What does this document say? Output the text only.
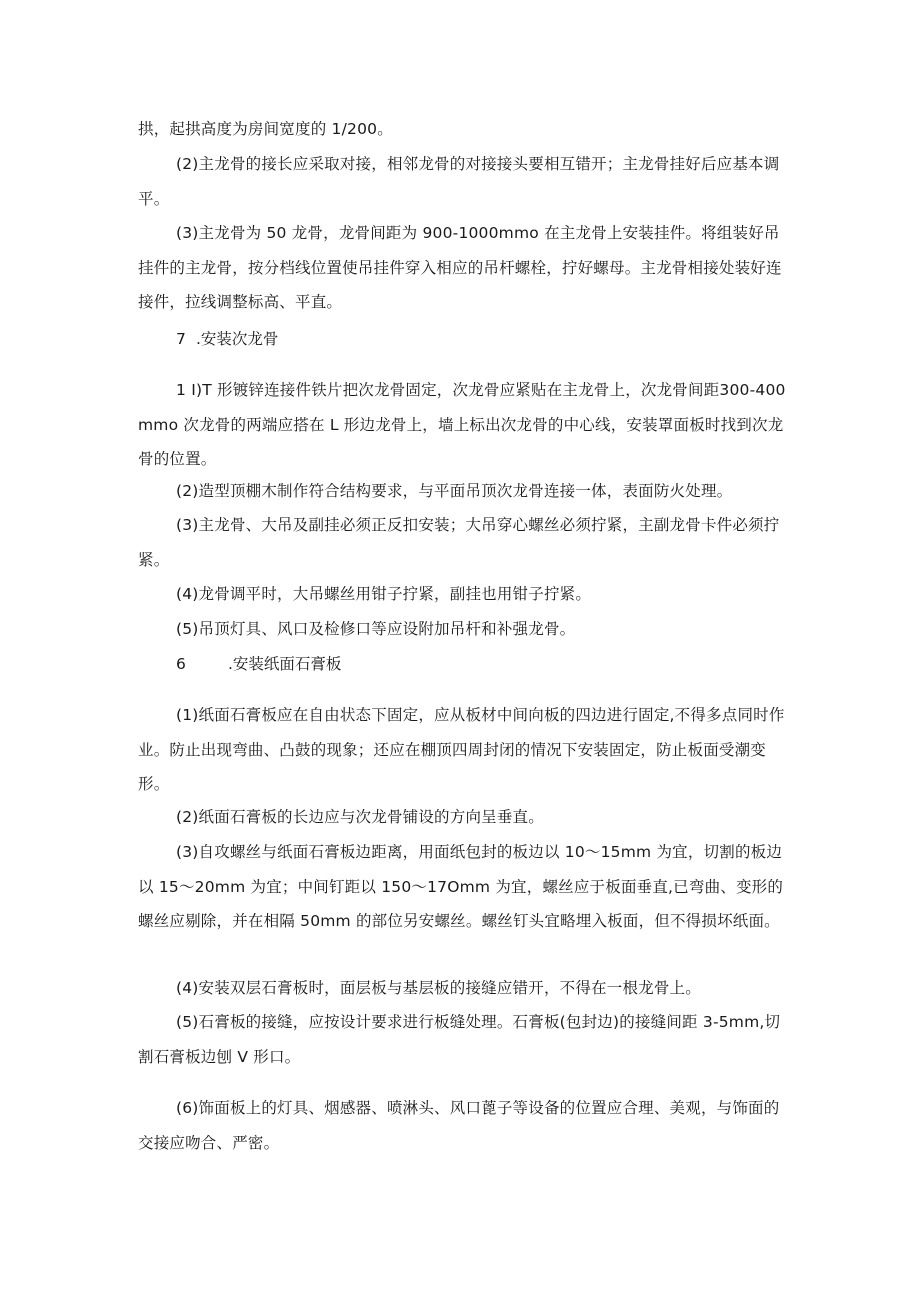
拱，起拱高度为房间宽度的 1/200。

(2)主龙骨的接长应采取对接，相邻龙骨的对接接头要相互错开；主龙骨挂好后应基本调平。

(3)主龙骨为 50 龙骨，龙骨间距为 900-1000mmo 在主龙骨上安装挂件。将组装好吊挂件的主龙骨，按分档线位置使吊挂件穿入相应的吊杆螺栓，拧好螺母。主龙骨相接处装好连接件，拉线调整标高、平直。

7 .安装次龙骨

1 I)T 形镀锌连接件铁片把次龙骨固定，次龙骨应紧贴在主龙骨上，次龙骨间距300-400mmo 次龙骨的两端应搭在 L 形边龙骨上，墙上标出次龙骨的中心线，安装罩面板时找到次龙骨的位置。

(2)造型顶棚木制作符合结构要求，与平面吊顶次龙骨连接一体，表面防火处理。

(3)主龙骨、大吊及副挂必须正反扣安装；大吊穿心螺丝必须拧紧，主副龙骨卡件必须拧紧。

(4)龙骨调平时，大吊螺丝用钳子拧紧，副挂也用钳子拧紧。

(5)吊顶灯具、风口及检修口等应设附加吊杆和补强龙骨。

6	.安装纸面石膏板

(1)纸面石膏板应在自由状态下固定，应从板材中间向板的四边进行固定,不得多点同时作业。防止出现弯曲、凸鼓的现象；还应在棚顶四周封闭的情况下安装固定，防止板面受潮变形。

(2)纸面石膏板的长边应与次龙骨铺设的方向呈垂直。

(3)自攻螺丝与纸面石膏板边距离，用面纸包封的板边以 10～15mm 为宜，切割的板边以 15～20mm 为宜；中间钉距以 150～17Omm 为宜，螺丝应于板面垂直,已弯曲、变形的螺丝应剔除，并在相隔 50mm 的部位另安螺丝。螺丝钉头宜略埋入板面，但不得损坏纸面。

(4)安装双层石膏板时，面层板与基层板的接缝应错开，不得在一根龙骨上。

(5)石膏板的接缝，应按设计要求进行板缝处理。石膏板(包封边)的接缝间距 3-5mm,切割石膏板边刨 V 形口。

(6)饰面板上的灯具、烟感器、喷淋头、风口蓖子等设备的位置应合理、美观，与饰面的交接应吻合、严密。
